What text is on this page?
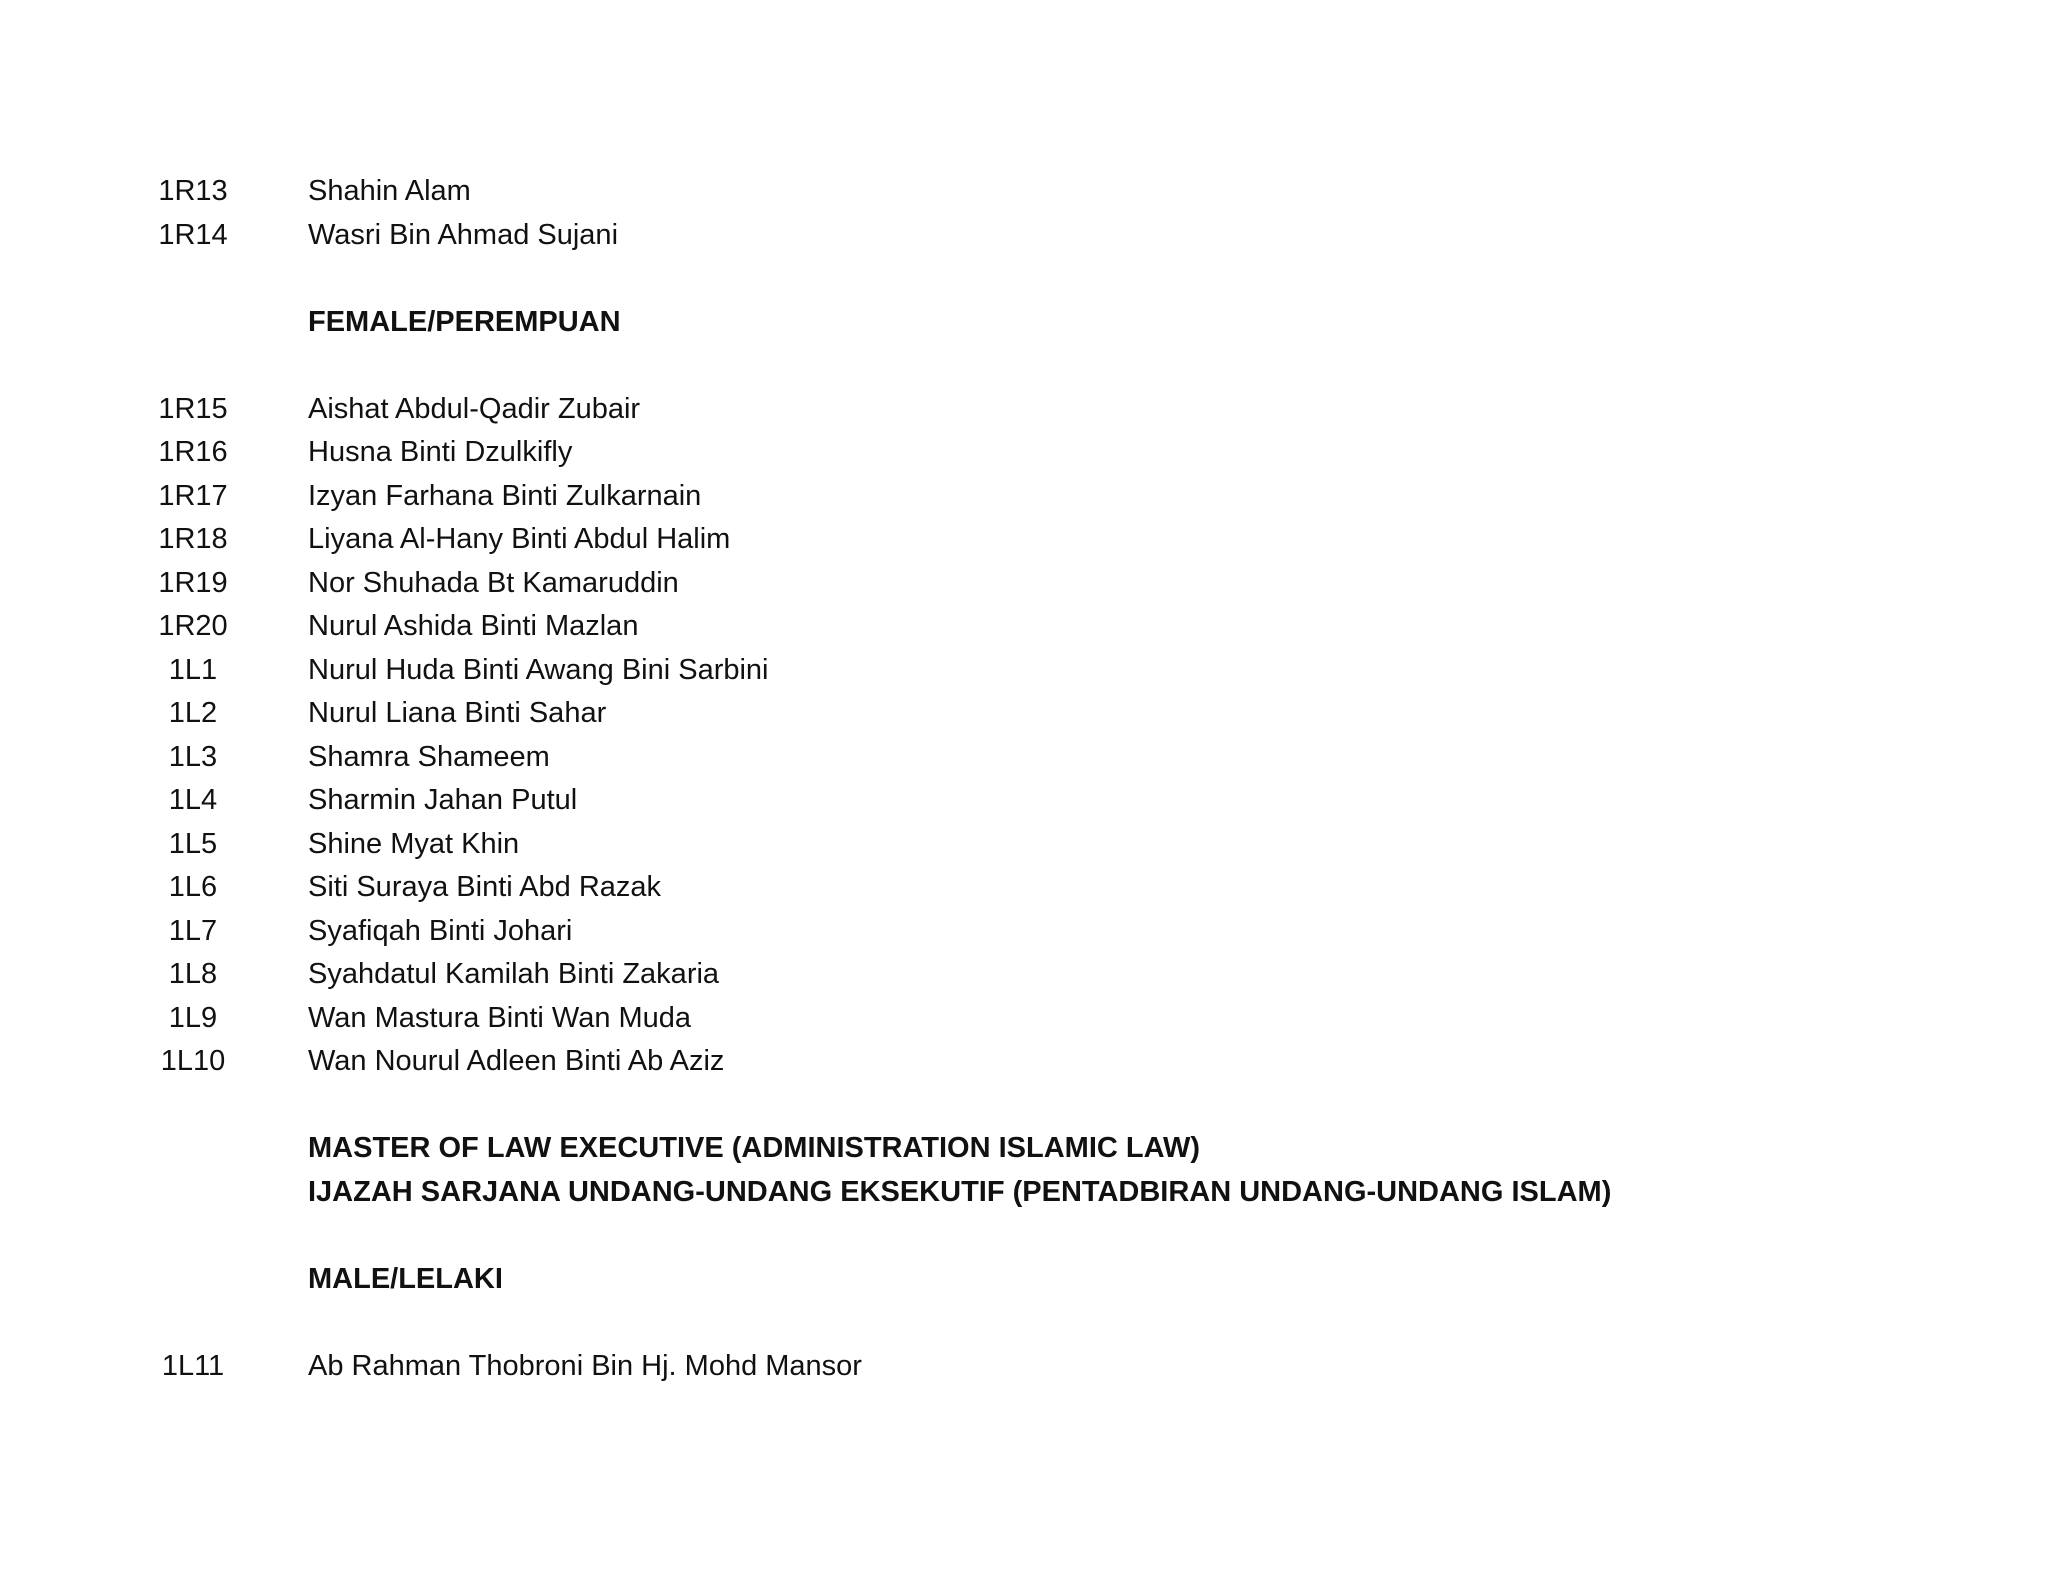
1R13	Shahin Alam
1R14	Wasri Bin Ahmad Sujani
FEMALE/PEREMPUAN
1R15	Aishat Abdul-Qadir Zubair
1R16	Husna Binti Dzulkifly
1R17	Izyan Farhana Binti Zulkarnain
1R18	Liyana Al-Hany Binti Abdul Halim
1R19	Nor Shuhada Bt Kamaruddin
1R20	Nurul Ashida Binti Mazlan
1L1	Nurul Huda Binti Awang Bini Sarbini
1L2	Nurul Liana Binti Sahar
1L3	Shamra Shameem
1L4	Sharmin Jahan Putul
1L5	Shine Myat Khin
1L6	Siti Suraya Binti Abd Razak
1L7	Syafiqah Binti Johari
1L8	Syahdatul Kamilah Binti Zakaria
1L9	Wan Mastura Binti Wan Muda
1L10	Wan Nourul Adleen Binti Ab Aziz
MASTER OF LAW EXECUTIVE (ADMINISTRATION ISLAMIC LAW)
IJAZAH SARJANA UNDANG-UNDANG EKSEKUTIF (PENTADBIRAN UNDANG-UNDANG ISLAM)
MALE/LELAKI
1L11	Ab Rahman Thobroni Bin Hj. Mohd Mansor
